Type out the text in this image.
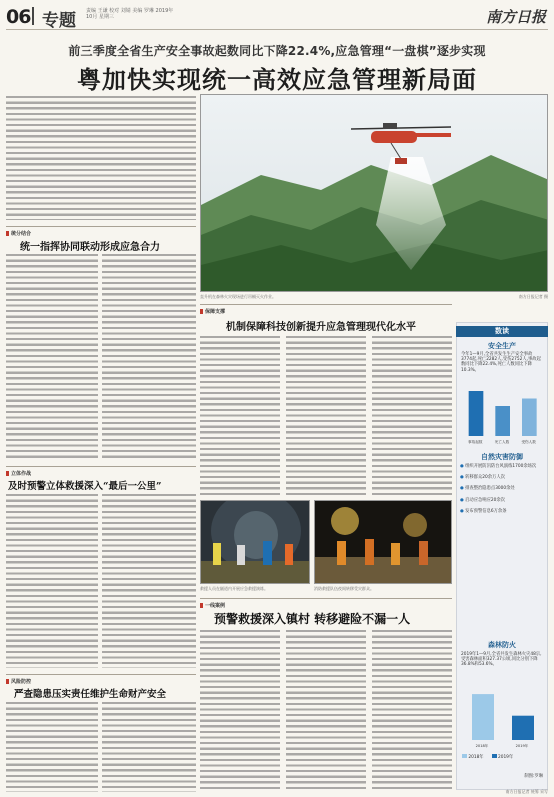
06 专题 责编 王谦 校对 刘婧 美编 罗琳 2019年10月 星期三	南方日报
前三季度全省生产安全事故起数同比下降22.4%,应急管理“一盘棋”逐步实现
粤加快实现统一高效应急管理新局面
直升机在森林火灾现场进行吊桶灭火作业。	南方日报记者 摄
统分结合
统一指挥协同联动形成应急合力
立体作战
及时预警立体救援深入“最后一公里”
风险防控
严查隐患压实责任维护生命财产安全
保障支撑
机制保障科技创新提升应急管理现代化水平
救援人员在隧道内开展应急救援演练。	消防救援队伍夜间转移受灾群众。
一线案例
预警救援深入镇村 转移避险不漏一人
数读
安全生产
今年1—9月,全省共发生生产安全事故3774起,死亡2282人,受伤2752人,事故起数同比下降22.4%,死亡人数同比下降10.3%。
事故起数	死亡人数	受伤人数
自然灾害防御
● 组织开展防汛防台风演练1700余场次
● 转移群众20余万人次
● 排查整治隐患点3000余处
● 启动应急响应20余次
● 发布预警信息6万余条
森林防火
2019年1—9月,全省共发生森林火灾48宗,受害森林面积327.37公顷,同比分别下降36.8%和53.6%。
2018年	2019年
2018年	2019年
制图:罗琳
南方日报记者 统筹 采写
